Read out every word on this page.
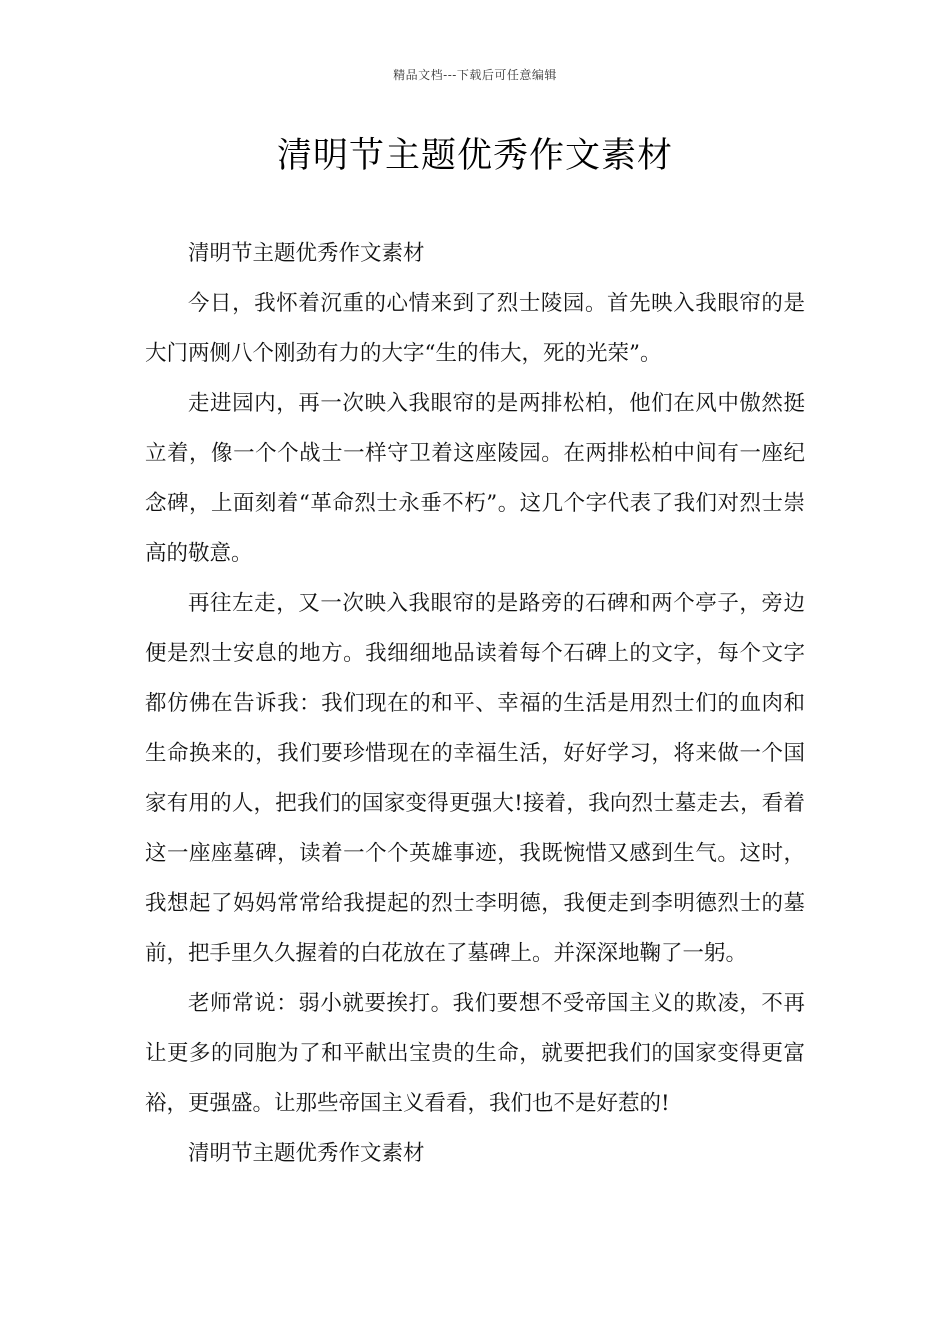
精品文档---下载后可任意编辑
清明节主题优秀作文素材

清明节主题优秀作文素材

今日，我怀着沉重的心情来到了烈士陵园。首先映入我眼帘的是大门两侧八个刚劲有力的大字“生的伟大，死的光荣”。

走进园内，再一次映入我眼帘的是两排松柏，他们在风中傲然挺立着，像一个个战士一样守卫着这座陵园。在两排松柏中间有一座纪念碑，上面刻着“革命烈士永垂不朽”。这几个字代表了我们对烈士崇高的敬意。

再往左走，又一次映入我眼帘的是路旁的石碑和两个亭子，旁边便是烈士安息的地方。我细细地品读着每个石碑上的文字，每个文字都仿佛在告诉我：我们现在的和平、幸福的生活是用烈士们的血肉和生命换来的，我们要珍惜现在的幸福生活，好好学习，将来做一个国家有用的人，把我们的国家变得更强大!接着，我向烈士墓走去，看着这一座座墓碑，读着一个个英雄事迹，我既惋惜又感到生气。这时，我想起了妈妈常常给我提起的烈士李明德，我便走到李明德烈士的墓前，把手里久久握着的白花放在了墓碑上。并深深地鞠了一躬。

老师常说：弱小就要挨打。我们要想不受帝国主义的欺凌，不再让更多的同胞为了和平献出宝贵的生命，就要把我们的国家变得更富裕，更强盛。让那些帝国主义看看，我们也不是好惹的!

清明节主题优秀作文素材
